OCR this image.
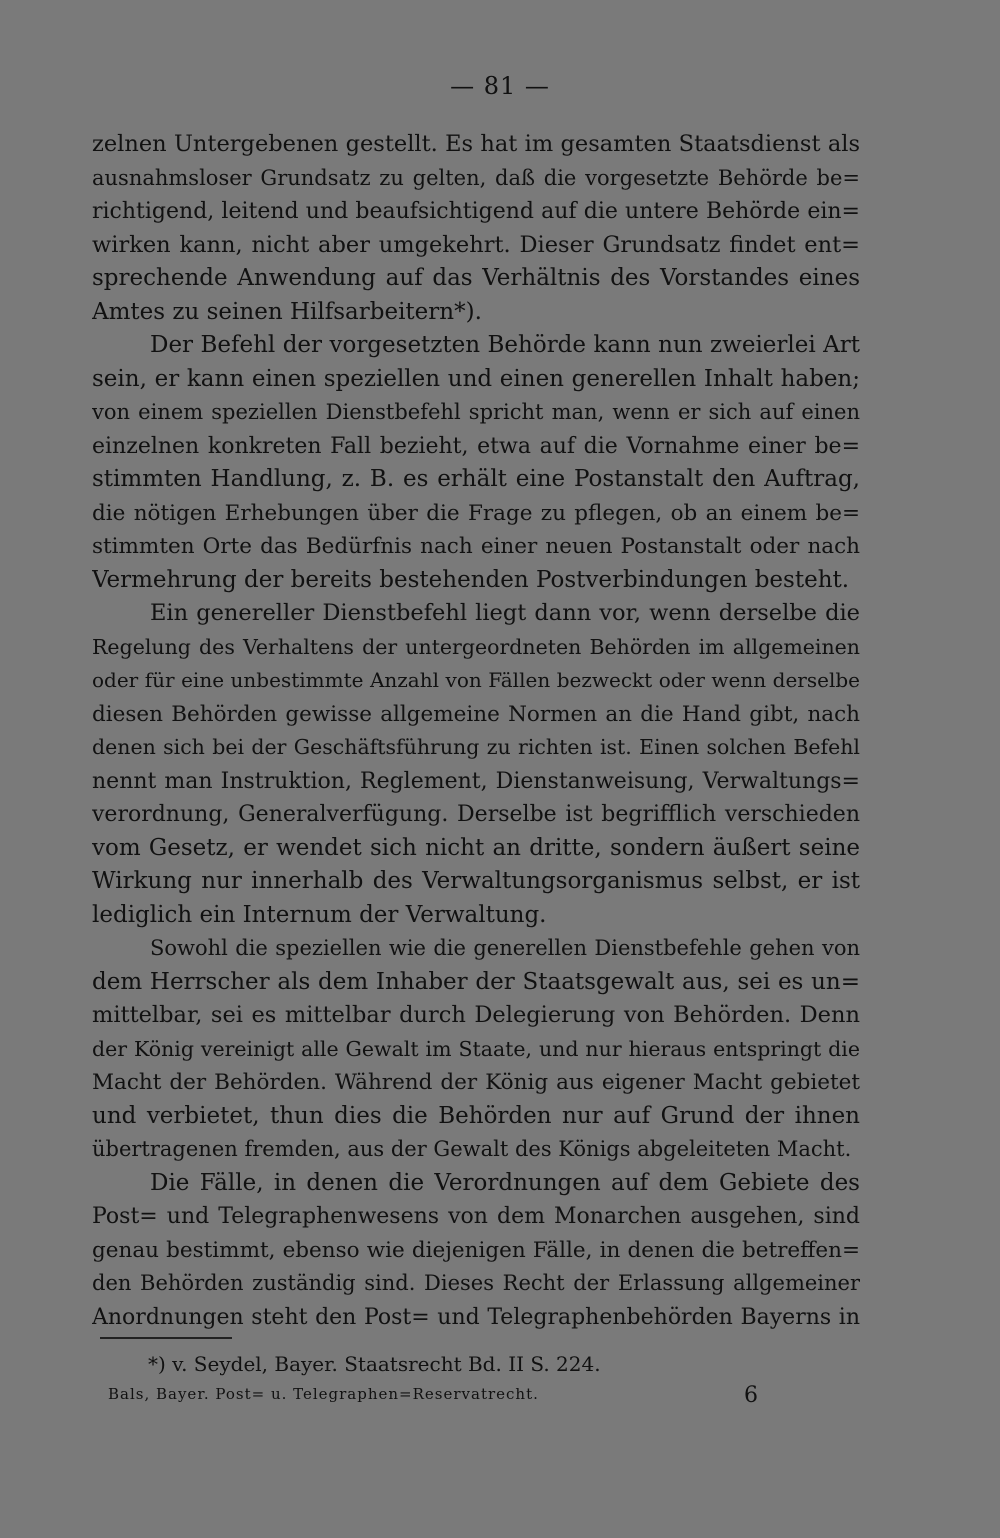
— 81 —

zelnen Untergebenen gestellt. Es hat im gesamten Staatsdienst als
ausnahmsloser Grundsatz zu gelten, daß die vorgesetzte Behörde be=
richtigend, leitend und beaufsichtigend auf die untere Behörde ein=
wirken kann, nicht aber umgekehrt. Dieser Grundsatz findet ent=
sprechende Anwendung auf das Verhältnis des Vorstandes eines
Amtes zu seinen Hilfsarbeitern*).

Der Befehl der vorgesetzten Behörde kann nun zweierlei Art
sein, er kann einen speziellen und einen generellen Inhalt haben;
von einem speziellen Dienstbefehl spricht man, wenn er sich auf einen
einzelnen konkreten Fall bezieht, etwa auf die Vornahme einer be=
stimmten Handlung, z. B. es erhält eine Postanstalt den Auftrag,
die nötigen Erhebungen über die Frage zu pflegen, ob an einem be=
stimmten Orte das Bedürfnis nach einer neuen Postanstalt oder nach
Vermehrung der bereits bestehenden Postverbindungen besteht.

Ein genereller Dienstbefehl liegt dann vor, wenn derselbe die
Regelung des Verhaltens der untergeordneten Behörden im allgemeinen
oder für eine unbestimmte Anzahl von Fällen bezweckt oder wenn derselbe
diesen Behörden gewisse allgemeine Normen an die Hand gibt, nach
denen sich bei der Geschäftsführung zu richten ist. Einen solchen Befehl
nennt man Instruktion, Reglement, Dienstanweisung, Verwaltungs=
verordnung, Generalverfügung. Derselbe ist begrifflich verschieden
vom Gesetz, er wendet sich nicht an dritte, sondern äußert seine
Wirkung nur innerhalb des Verwaltungsorganismus selbst, er ist
lediglich ein Internum der Verwaltung.

Sowohl die speziellen wie die generellen Dienstbefehle gehen von
dem Herrscher als dem Inhaber der Staatsgewalt aus, sei es un=
mittelbar, sei es mittelbar durch Delegierung von Behörden. Denn
der König vereinigt alle Gewalt im Staate, und nur hieraus entspringt die
Macht der Behörden. Während der König aus eigener Macht gebietet
und verbietet, thun dies die Behörden nur auf Grund der ihnen
übertragenen fremden, aus der Gewalt des Königs abgeleiteten Macht.

Die Fälle, in denen die Verordnungen auf dem Gebiete des
Post= und Telegraphenwesens von dem Monarchen ausgehen, sind
genau bestimmt, ebenso wie diejenigen Fälle, in denen die betreffen=
den Behörden zuständig sind. Dieses Recht der Erlassung allgemeiner
Anordnungen steht den Post= und Telegraphenbehörden Bayerns in

*) v. Seydel, Bayer. Staatsrecht Bd. II S. 224.
Bals, Bayer. Post= u. Telegraphen=Reservatrecht.	6
